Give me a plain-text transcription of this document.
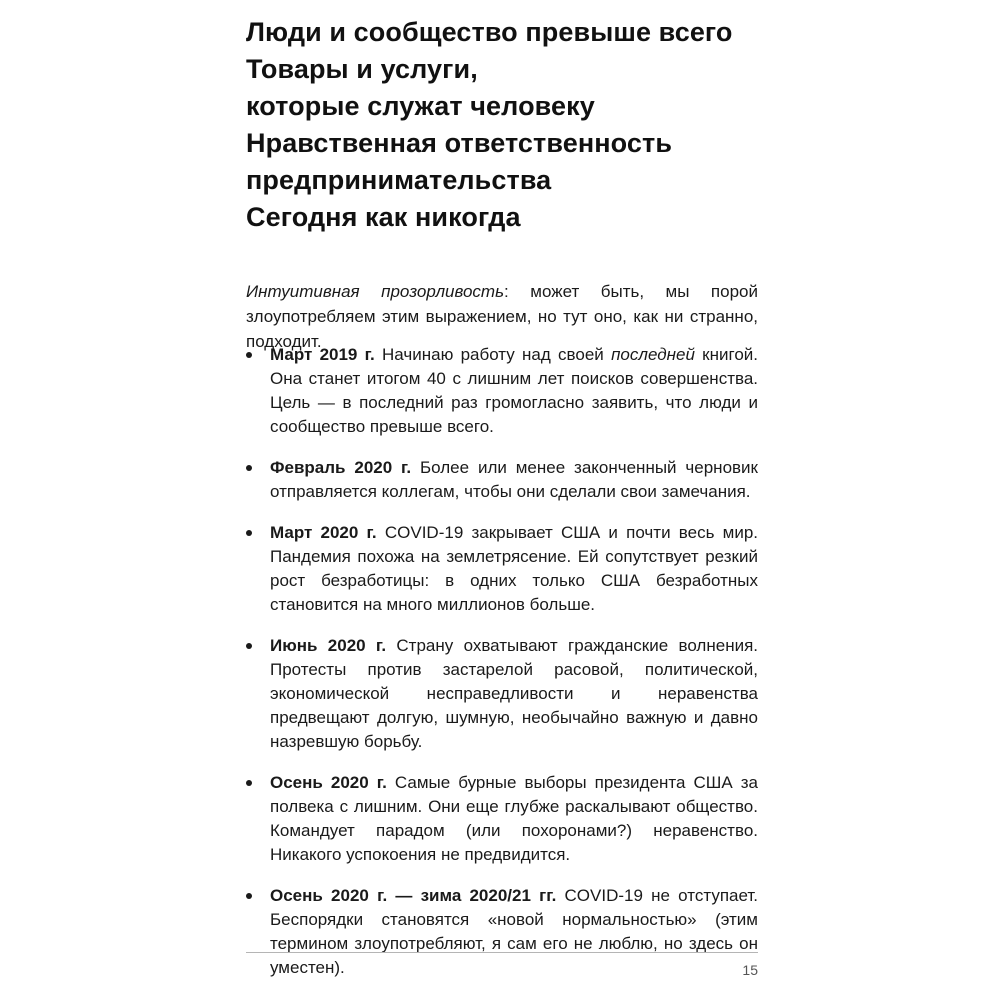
Люди и сообщество превыше всего
Товары и услуги,
которые служат человеку
Нравственная ответственность
предпринимательства
Сегодня как никогда

Интуитивная прозорливость: может быть, мы порой злоупотребляем этим выражением, но тут оно, как ни странно, подходит.

Март 2019 г. Начинаю работу над своей последней книгой. Она станет итогом 40 с лишним лет поисков совершенства. Цель — в последний раз громогласно заявить, что люди и сообщество превыше всего.
Февраль 2020 г. Более или менее законченный черновик отправляется коллегам, чтобы они сделали свои замечания.
Март 2020 г. COVID-19 закрывает США и почти весь мир. Пандемия похожа на землетрясение. Ей сопутствует резкий рост безработицы: в одних только США безработных становится на много миллионов больше.
Июнь 2020 г. Страну охватывают гражданские волнения. Протесты против застарелой расовой, политической, экономической несправедливости и неравенства предвещают долгую, шумную, необычайно важную и давно назревшую борьбу.
Осень 2020 г. Самые бурные выборы президента США за полвека с лишним. Они еще глубже раскалывают общество. Командует парадом (или похоронами?) неравенство. Никакого успокоения не предвидится.
Осень 2020 г. — зима 2020/21 гг. COVID-19 не отступает. Беспорядки становятся «новой нормальностью» (этим термином злоупотребляют, я сам его не люблю, но здесь он уместен).	15
